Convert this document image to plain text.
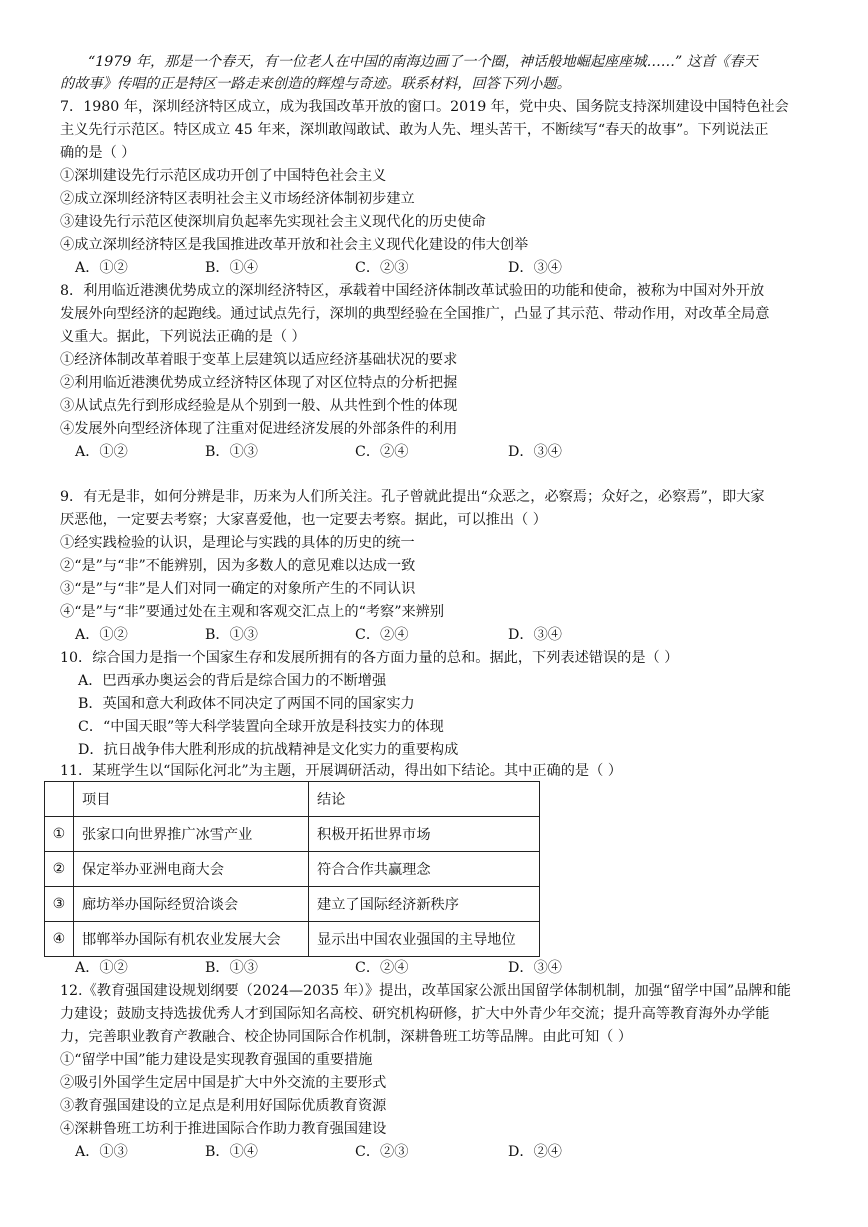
“1979 年，那是一个春天，有一位老人在中国的南海边画了一个圈，神话般地崛起座座城……” 这首《春天
的故事》传唱的正是特区一路走来创造的辉煌与奇迹。联系材料，回答下列小题。
7．1980 年，深圳经济特区成立，成为我国改革开放的窗口。2019 年，党中央、国务院支持深圳建设中国特色社会
主义先行示范区。特区成立 45 年来，深圳敢闯敢试、敢为人先、埋头苦干，不断续写“春天的故事”。下列说法正
确的是（ ）
①深圳建设先行示范区成功开创了中国特色社会主义
②成立深圳经济特区表明社会主义市场经济体制初步建立
③建设先行示范区使深圳肩负起率先实现社会主义现代化的历史使命
④成立深圳经济特区是我国推进改革开放和社会主义现代化建设的伟大创举
A．①②	B．①④	C．②③	D．③④
8．利用临近港澳优势成立的深圳经济特区，承载着中国经济体制改革试验田的功能和使命，被称为中国对外开放
发展外向型经济的起跑线。通过试点先行，深圳的典型经验在全国推广，凸显了其示范、带动作用，对改革全局意
义重大。据此，下列说法正确的是（ ）
①经济体制改革着眼于变革上层建筑以适应经济基础状况的要求
②利用临近港澳优势成立经济特区体现了对区位特点的分析把握
③从试点先行到形成经验是从个别到一般、从共性到个性的体现
④发展外向型经济体现了注重对促进经济发展的外部条件的利用
A．①②	B．①③	C．②④	D．③④
9．有无是非，如何分辨是非，历来为人们所关注。孔子曾就此提出“众恶之，必察焉；众好之，必察焉”，即大家
厌恶他，一定要去考察；大家喜爱他，也一定要去考察。据此，可以推出（ ）
①经实践检验的认识，是理论与实践的具体的历史的统一
②“是”与“非”不能辨别，因为多数人的意见难以达成一致
③“是”与“非”是人们对同一确定的对象所产生的不同认识
④“是”与“非”要通过处在主观和客观交汇点上的“考察”来辨别
A．①②	B．①③	C．②④	D．③④
10．综合国力是指一个国家生存和发展所拥有的各方面力量的总和。据此，下列表述错误的是（ ）
A．巴西承办奥运会的背后是综合国力的不断增强
B．英国和意大利政体不同决定了两国不同的国家实力
C．“中国天眼”等大科学装置向全球开放是科技实力的体现
D．抗日战争伟大胜利形成的抗战精神是文化实力的重要构成
11．某班学生以“国际化河北”为主题，开展调研活动，得出如下结论。其中正确的是（ ）
	项目	结论
①	张家口向世界推广冰雪产业	积极开拓世界市场
②	保定举办亚洲电商大会	符合合作共赢理念
③	廊坊举办国际经贸洽谈会	建立了国际经济新秩序
④	邯郸举办国际有机农业发展大会	显示出中国农业强国的主导地位
A．①②	B．①③	C．②④	D．③④
12.《教育强国建设规划纲要（2024—2035 年）》提出，改革国家公派出国留学体制机制，加强“留学中国”品牌和能
力建设；鼓励支持选拔优秀人才到国际知名高校、研究机构研修，扩大中外青少年交流；提升高等教育海外办学能
力，完善职业教育产教融合、校企协同国际合作机制，深耕鲁班工坊等品牌。由此可知（ ）
①“留学中国”能力建设是实现教育强国的重要措施
②吸引外国学生定居中国是扩大中外交流的主要形式
③教育强国建设的立足点是利用好国际优质教育资源
④深耕鲁班工坊利于推进国际合作助力教育强国建设
A．①③	B．①④	C．②③	D．②④
